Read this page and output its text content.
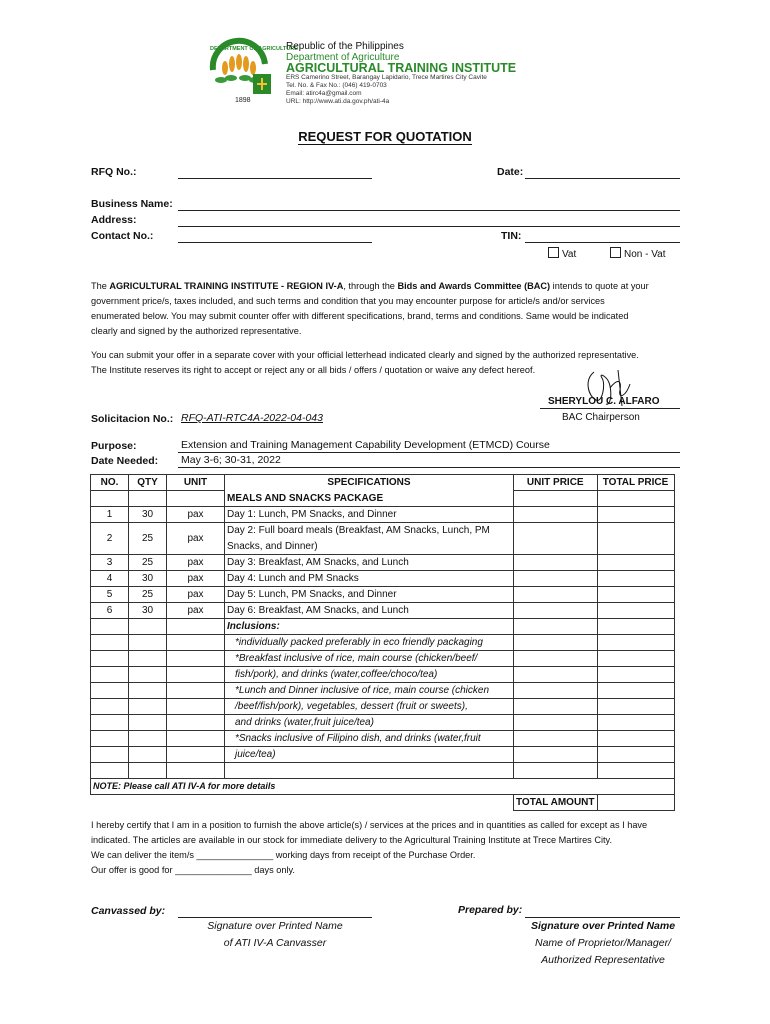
1898
DEPARTMENT OF AGRICULTURE
Republic of the Philippines
Department of Agriculture
AGRICULTURAL TRAINING INSTITUTE
ERS Camerino Street, Barangay Lapidario, Trece Martires City Cavite
Tel. No. & Fax No.: (046) 419-0703
Email: atirc4a@gmail.com
URL: http://www.ati.da.gov.ph/ati-4a
REQUEST FOR QUOTATION
RFQ No.:	Date:
Business Name:
Address:
Contact No.:	TIN:
Vat	Non - Vat
The AGRICULTURAL TRAINING INSTITUTE - REGION IV-A, through the Bids and Awards Committee (BAC) intends to quote at your
government price/s, taxes included, and such terms and condition that you may encounter purpose for article/s and/or services
enumerated below. You may submit counter offer with different specifications, brand, terms and conditions. Same would be indicated
clearly and signed by the authorized representative.
You can submit your offer in a separate cover with your official letterhead indicated clearly and signed by the authorized representative.
The Institute reserves its right to accept or reject any or all bids / offers / quotation or waive any defect hereof.
SHERYLOU C. ALFARO
BAC Chairperson
Solicitacion No.: RFQ-ATI-RTC4A-2022-04-043
Purpose:	Extension and Training Management Capability Development (ETMCD) Course
Date Needed: May 3-6; 30-31, 2022
NO.	QTY	UNIT	SPECIFICATIONS	UNIT PRICE	TOTAL PRICE
			MEALS AND SNACKS PACKAGE		
1	30	pax	Day 1: Lunch, PM Snacks, and Dinner		
2	25	pax	Day 2: Full board meals (Breakfast, AM Snacks, Lunch, PM Snacks, and Dinner)		
3	25	pax	Day 3: Breakfast, AM Snacks, and Lunch		
4	30	pax	Day 4: Lunch and PM Snacks		
5	25	pax	Day 5: Lunch, PM Snacks, and Dinner		
6	30	pax	Day 6: Breakfast, AM Snacks, and Lunch		
			Inclusions:		
			*individually packed preferably in eco friendly packaging		
			*Breakfast inclusive of rice, main course (chicken/beef/		
			fish/pork), and drinks (water,coffee/choco/tea)		
			*Lunch and Dinner inclusive of rice, main course (chicken		
			/beef/fish/pork), vegetables, dessert (fruit or sweets),		
			and drinks (water,fruit juice/tea)		
			*Snacks inclusive of Filipino dish, and drinks (water,fruit		
			juice/tea)		

NOTE: Please call ATI IV-A for more details					
				TOTAL AMOUNT	
I hereby certify that I am in a position to furnish the above article(s) / services at the prices and in quantities as called for except as I have
indicated. The articles are available in our stock for immediate delivery to the Agricultural Training Institute at Trece Martires City.
We can deliver the item/s _______________ working days from receipt of the Purchase Order.
Our offer is good for _______________ days only.
Canvassed by:
Signature over Printed Name
of ATI IV-A Canvasser
Prepared by:
Signature over Printed Name
Name of Proprietor/Manager/
Authorized Representative
